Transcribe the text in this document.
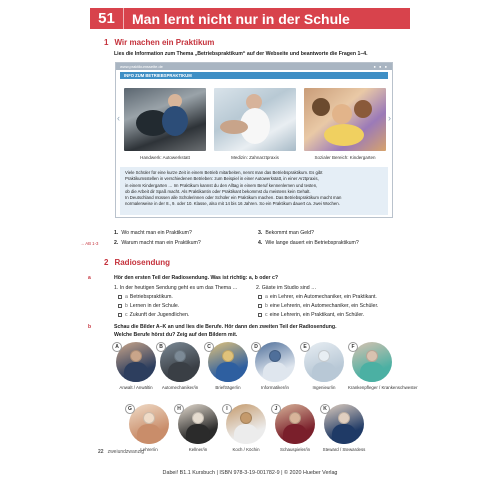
51	Man lernt nicht nur in der Schule
1 Wir machen ein Praktikum
Lies die Information zum Thema „Betriebspraktikum“ auf der Webseite und beantworte die Fragen 1–4.
www.praktikumsseite.de	● ● ●
INFO ZUM BETRIEBSPRAKTIKUM
‹	›
Handwerk: Autowerkstatt	Medizin: Zahnarztpraxis	Sozialer Bereich: Kindergarten
Viele Schüler für eine kurze Zeit in einem Betrieb mitarbeiten, nennt man das Betriebspraktikum. Es gibt
Praktikumsstellen in verschiedenen Betrieben: zum Beispiel in einer Autowerkstatt, in einer Arztpraxis,
in einem Kindergarten … Im Praktikum kannst du den Alltag in einem Beruf kennenlernen und testen,
ob die Arbeit dir Spaß macht. Als Praktikantin oder Praktikant bekommst du meistens kein Gehalt.
In Deutschland müssen alle Schülerinnen oder Schüler ein Praktikum machen. Das Betriebspraktikum macht man
normalerweise in der 8., 9. oder 10. Klasse, also mit 14 bis 16 Jahren. So ein Praktikum dauert ca. zwei Wochen.
1. Wo macht man ein Praktikum?
2. Warum macht man ein Praktikum?
3. Bekommt man Geld?
4. Wie lange dauert ein Betriebspraktikum?
→ AB 1-3
2 Radiosendung
a	Hör den ersten Teil der Radiosendung. Was ist richtig: a, b oder c?
1. In der heutigen Sendung geht es um das Thema …
a Betriebspraktikum.
b Lernen in der Schule.
c Zukunft der Jugendlichen.
2. Gäste im Studio sind …
a ein Lehrer, ein Automechaniker, ein Praktikant.
b eine Lehrerin, ein Automechaniker, ein Schüler.
c eine Lehrerin, ein Praktikant, ein Schüler.
b	Schau die Bilder A–K an und lies die Berufe. Hör dann den zweiten Teil der Radiosendung.
Welche Berufe hörst du? Zeig auf den Bildern mit.
A
Anwalt / Anwältin
B
Automechaniker/in
C
Briefträger/in
D
Informatiker/in
E
Ingenieur/in
F
Krankenpfleger / Krankenschwester
G
Lehrer/in
H
Kellner/in
I
Koch / Köchin
J
Schauspieler/in
K
Steward / Stewardess
22 zweiundzwanzig
Dabei! B1.1 Kursbuch | ISBN 978-3-19-001782-9 | © 2020 Hueber Verlag
